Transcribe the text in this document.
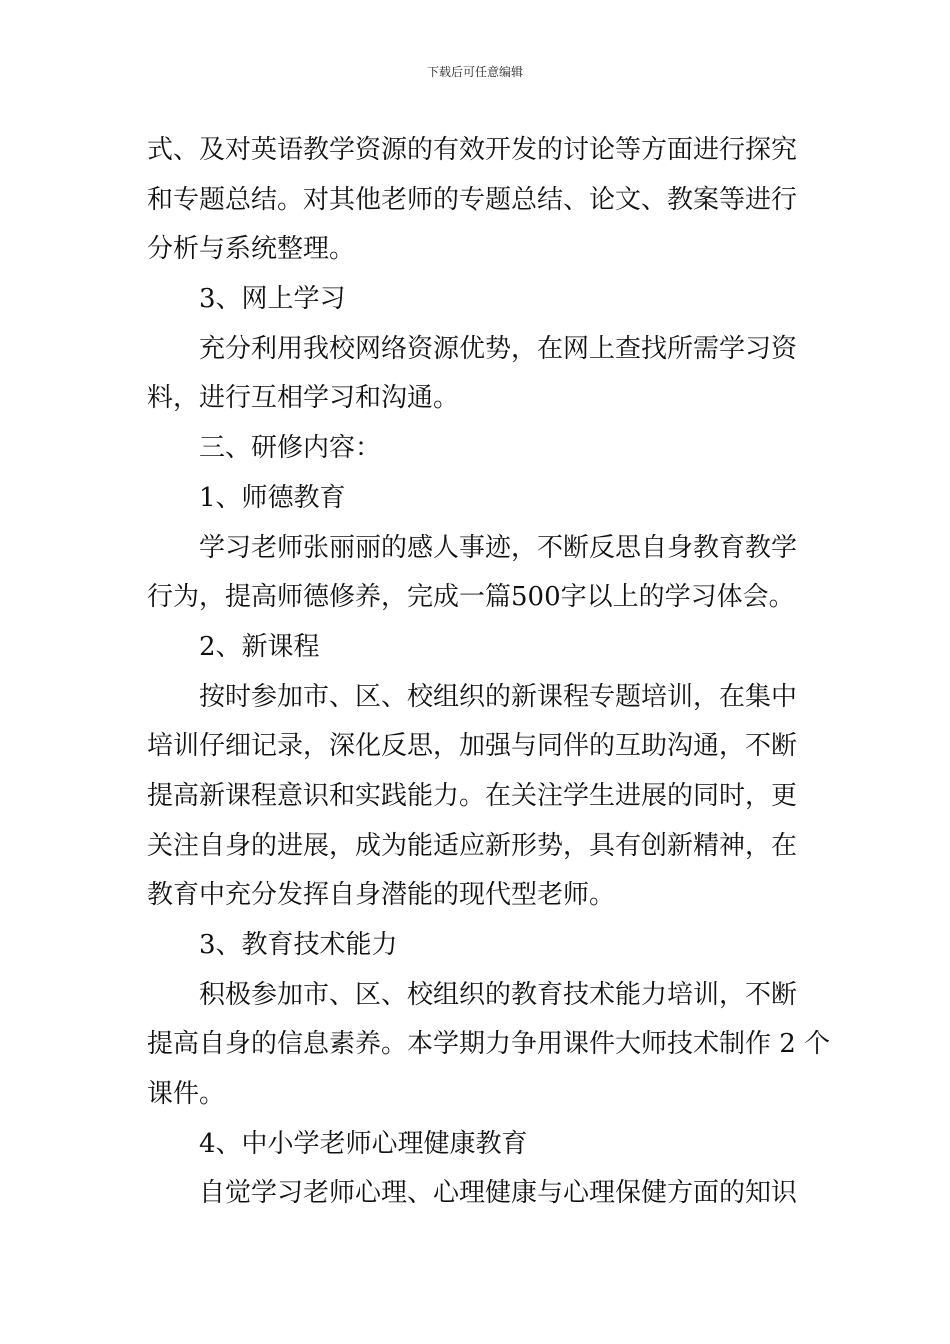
下载后可任意编辑

式、及对英语教学资源的有效开发的讨论等方面进行探究
和专题总结。对其他老师的专题总结、论文、教案等进行
分析与系统整理。

3、网上学习

充分利用我校网络资源优势，在网上查找所需学习资
料，进行互相学习和沟通。

三、研修内容：

1、师德教育

学习老师张丽丽的感人事迹，不断反思自身教育教学
行为，提高师德修养，完成一篇500字以上的学习体会。

2、新课程

按时参加市、区、校组织的新课程专题培训，在集中
培训仔细记录，深化反思，加强与同伴的互助沟通，不断
提高新课程意识和实践能力。在关注学生进展的同时，更
关注自身的进展，成为能适应新形势，具有创新精神，在
教育中充分发挥自身潜能的现代型老师。

3、教育技术能力

积极参加市、区、校组织的教育技术能力培训，不断
提高自身的信息素养。本学期力争用课件大师技术制作 2 个
课件。

4、中小学老师心理健康教育

自觉学习老师心理、心理健康与心理保健方面的知识
